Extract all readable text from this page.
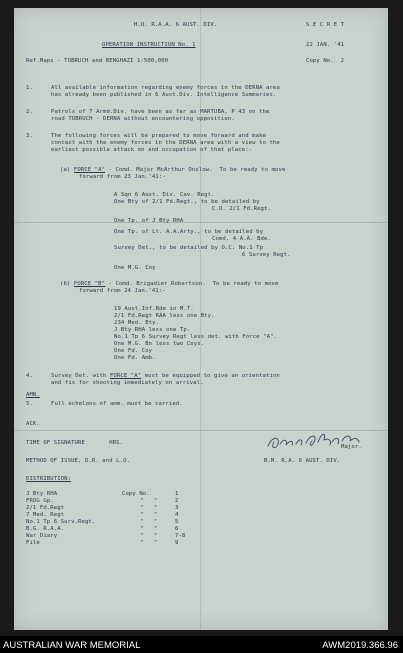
H.Q. R.A.A. 6 AUST. DIV.	S E C R E T
OPERATION INSTRUCTION No. 1	22 JAN. '41
Ref.Maps - TOBRUCH and BENGHAZI 1:500,000	Copy No.  2
1.	All available information regarding enemy forces in the DERNA area
has already been published in 6 Aust.Div. Intelligence Summaries.
2.	Patrols of 7 Armd.Div. have been as far as MARTUBA, P 43 on the
road TOBRUCH - DERNA without encountering opposition.
3.	The following forces will be prepared to move forward and make
contact with the enemy forces in the DERNA area with a view to the
earliest possible attack on and occupation of that place:-
(a) FORCE "A" - Comd. Major McArthur Onslow.  To be ready to move
forward from 23 Jan.'41:-
A Sqn 6 Aust. Div. Cav. Regt.
One Bty of 2/1 Fd.Regt., to be detailed by
C.O. 2/1 Fd.Regt.
One Tp. of J Bty RHA
One Tp. of Lt. A.A.Arty., to be detailed by
Comd. 4 A.A. Bde.
Survey Det., to be detailed by O.C. No.1 Tp
6 Survey Regt.
One M.G. Coy
(b) FORCE "B" - Comd. Brigadier Robertson.  To be ready to move
forward from 24 Jan.'41:-
19 Aust.Inf.Bde in M.T.
2/1 Fd.Regt RAA less one Bty.
234 Med. Bty.
J Bty RHA less one Tp.
No.1 Tp 6 Survey Regt less det. with Force "A".
One M.G. Bn less two Coys.
One Fd. Coy
One Fd. Amb.
4.	Survey Det. with FORCE "A" must be equipped to give an orientation
and fix for shooting immediately on arrival.
AMN.
5.	Full echelons of amm. must be carried.
ACK.
TIME OF SIGNATURE       HRS.
METHOD OF ISSUE, D.R. and L.O.
Major.
B.M. R.A. 6 AUST. DIV.
DISTRIBUTION:
Copy No.
J Bty RHA	1
FROG Gp.	"   "	2
2/1 Fd.Regt	"   "	3
7 Med. Regt	"   "	4
No.1 Tp 6 Surv.Regt.	"   "	5
B.G. R.A.A.	"   "	6
War Diary	"   "	7-8
File	"   "	9
AUSTRALIAN WAR MEMORIAL	AWM2019.366.96
